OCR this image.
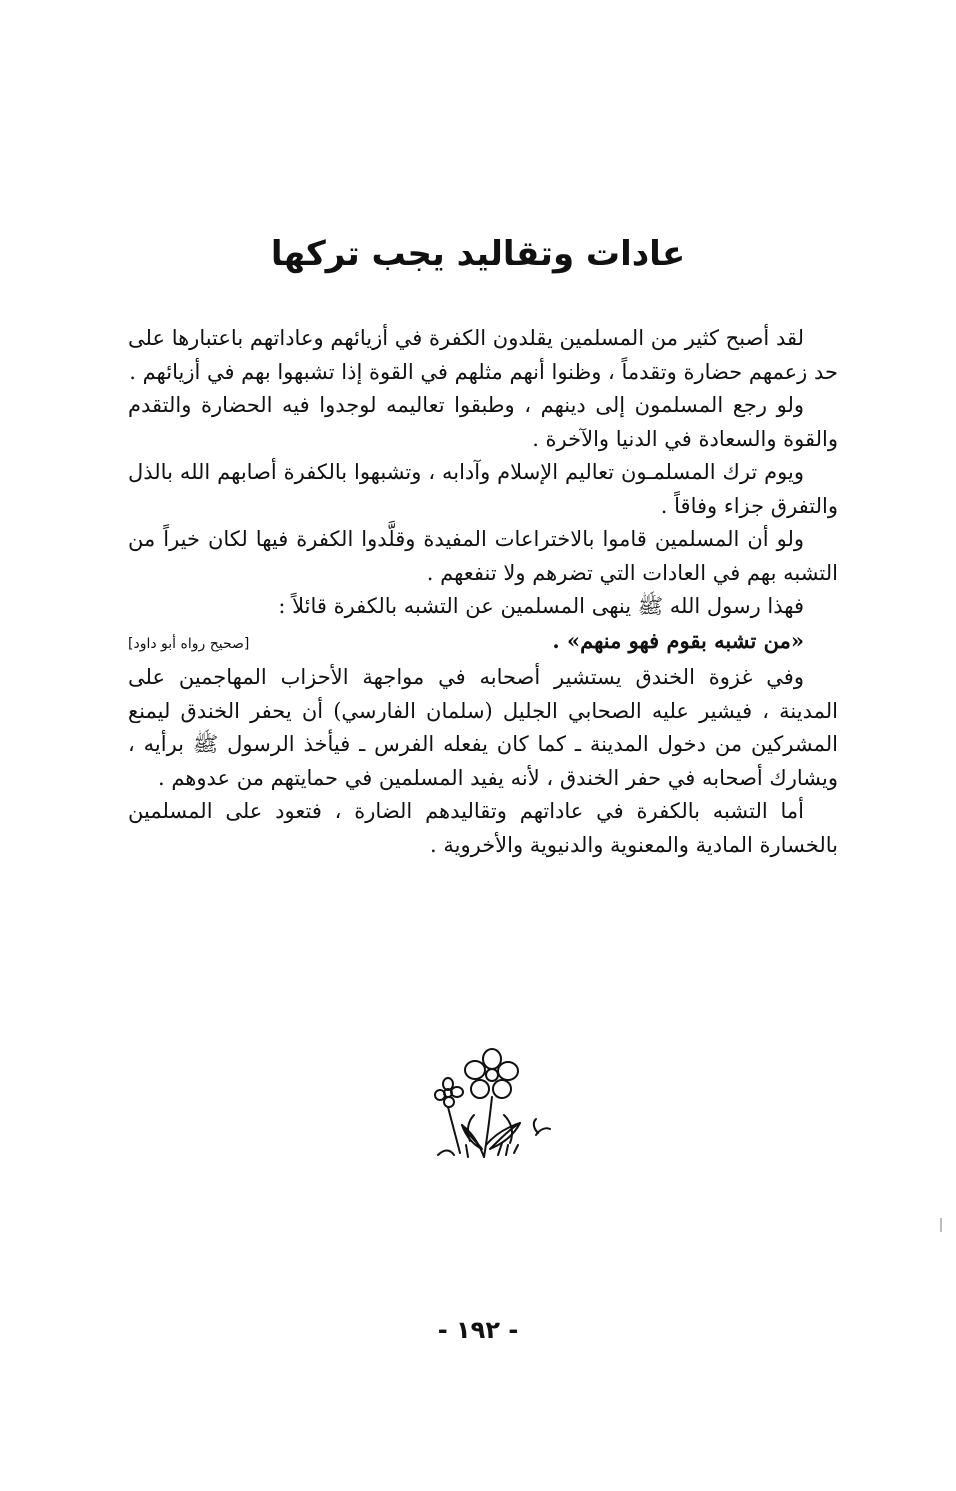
عادات وتقاليد يجب تركها

لقد أصبح كثير من المسلمين يقلدون الكفرة في أزيائهم وعاداتهم باعتبارها على حد زعمهم حضارة وتقدماً ، وظنوا أنهم مثلهم في القوة إذا تشبهوا بهم في أزيائهم .

ولو رجع المسلمون إلى دينهم ، وطبقوا تعاليمه لوجدوا فيه الحضارة والتقدم والقوة والسعادة في الدنيا والآخرة .

ويوم ترك المسلمـون تعاليم الإسلام وآدابه ، وتشبهوا بالكفرة أصابهم الله بالذل والتفرق جزاء وفاقاً .

ولو أن المسلمين قاموا بالاختراعات المفيدة وقلَّدوا الكفرة فيها لكان خيراً من التشبه بهم في العادات التي تضرهم ولا تنفعهم .

فهذا رسول الله ﷺ ينهى المسلمين عن التشبه بالكفرة قائلاً :

«من تشبه بقوم فهو منهم» .
[صحيح رواه أبو داود]

وفي غزوة الخندق يستشير أصحابه في مواجهة الأحزاب المهاجمين على المدينة ، فيشير عليه الصحابي الجليل (سلمان الفارسي) أن يحفر الخندق ليمنع المشركين من دخول المدينة ـ كما كان يفعله الفرس ـ فيأخذ الرسول ﷺ برأيه ، ويشارك أصحابه في حفر الخندق ، لأنه يفيد المسلمين في حمايتهم من عدوهم .

أما التشبه بالكفرة في عاداتهم وتقاليدهم الضارة ، فتعود على المسلمين بالخسارة المادية والمعنوية والدنيوية والأخروية .

- ١٩٢ -
